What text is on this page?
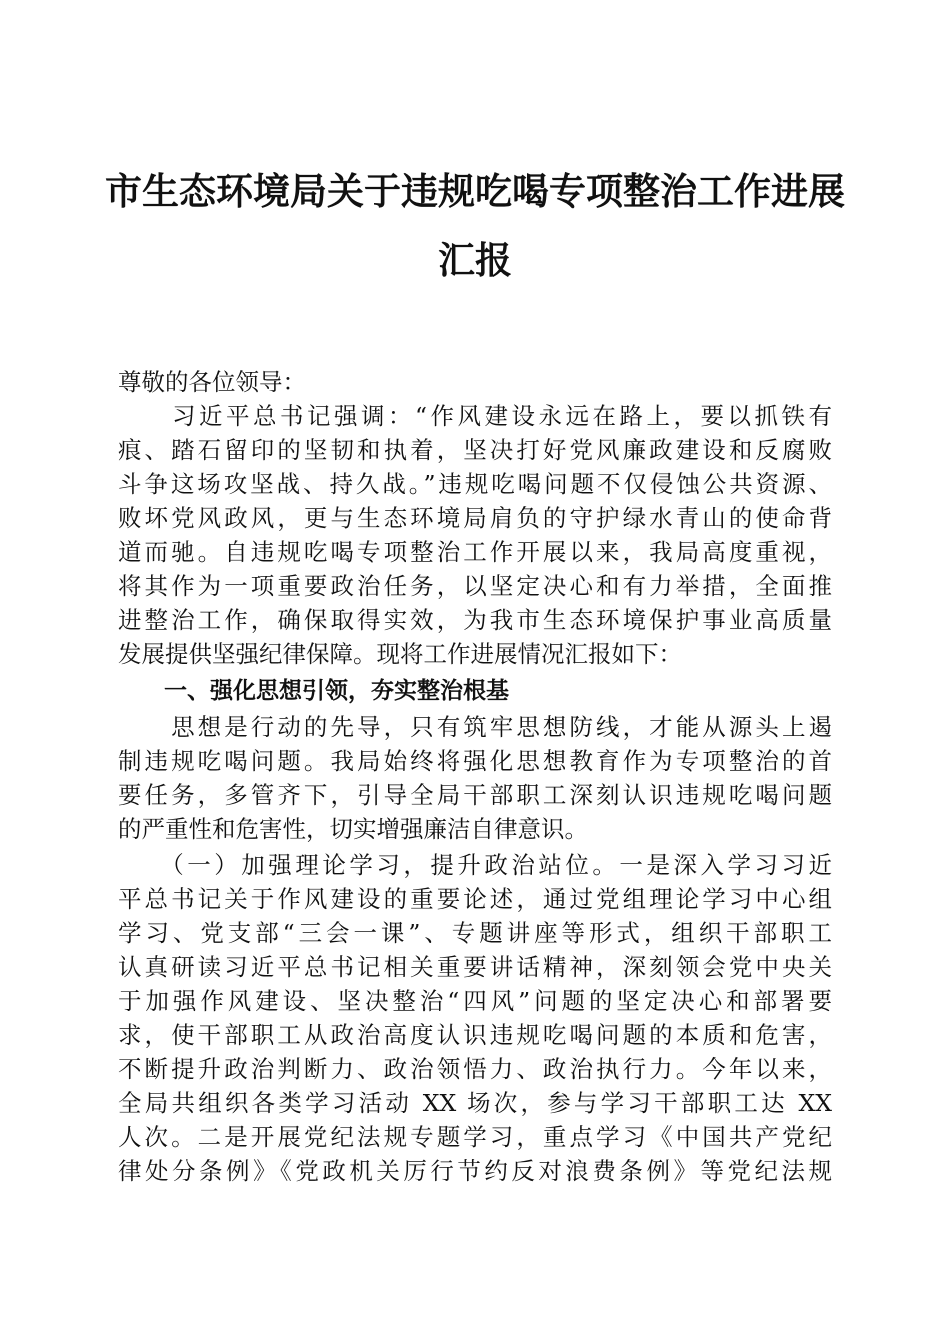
市生态环境局关于违规吃喝专项整治工作进展
汇报
尊敬的各位领导：
　　习近平总书记强调：“作风建设永远在路上，要以抓铁有
痕、踏石留印的坚韧和执着，坚决打好党风廉政建设和反腐败
斗争这场攻坚战、持久战。”违规吃喝问题不仅侵蚀公共资源、
败坏党风政风，更与生态环境局肩负的守护绿水青山的使命背
道而驰。自违规吃喝专项整治工作开展以来，我局高度重视，
将其作为一项重要政治任务，以坚定决心和有力举措，全面推
进整治工作，确保取得实效，为我市生态环境保护事业高质量
发展提供坚强纪律保障。现将工作进展情况汇报如下：
　　一、强化思想引领，夯实整治根基
　　思想是行动的先导，只有筑牢思想防线，才能从源头上遏
制违规吃喝问题。我局始终将强化思想教育作为专项整治的首
要任务，多管齐下，引导全局干部职工深刻认识违规吃喝问题
的严重性和危害性，切实增强廉洁自律意识。
　　（一）加强理论学习，提升政治站位。一是深入学习习近
平总书记关于作风建设的重要论述，通过党组理论学习中心组
学习、党支部“三会一课”、专题讲座等形式，组织干部职工
认真研读习近平总书记相关重要讲话精神，深刻领会党中央关
于加强作风建设、坚决整治“四风”问题的坚定决心和部署要
求，使干部职工从政治高度认识违规吃喝问题的本质和危害，
不断提升政治判断力、政治领悟力、政治执行力。今年以来，
全局共组织各类学习活动 XX 场次，参与学习干部职工达 XX
人次。二是开展党纪法规专题学习，重点学习《中国共产党纪
律处分条例》《党政机关厉行节约反对浪费条例》等党纪法规
